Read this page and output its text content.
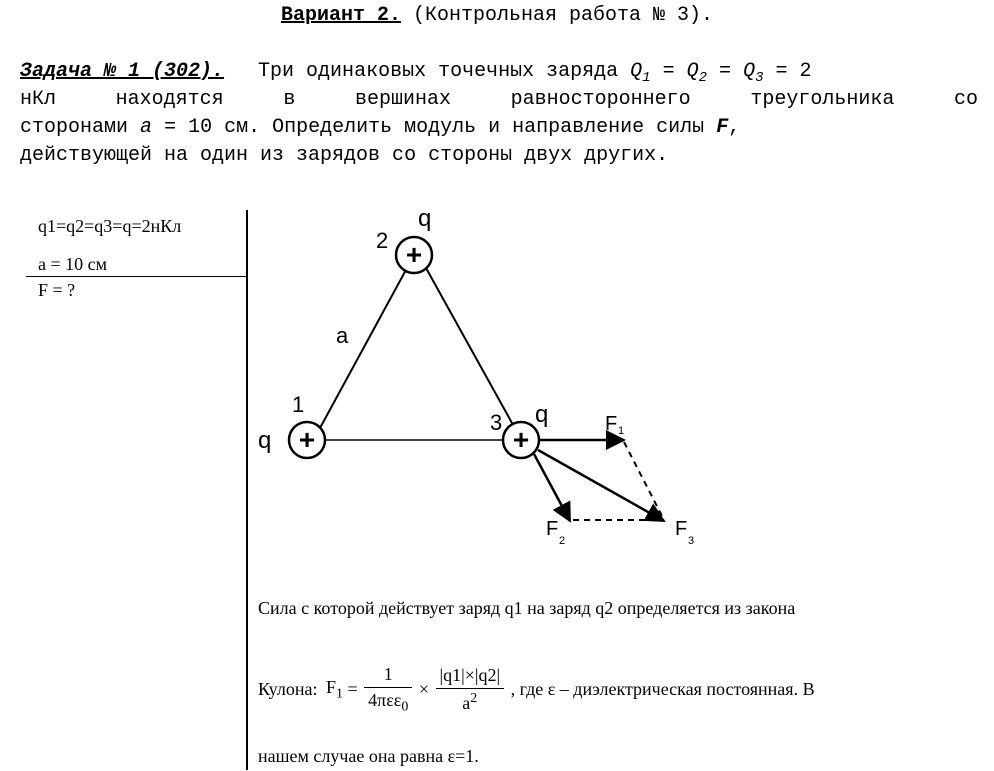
Вариант 2. (Контрольная работа № 3).
Задача № 1 (302). Три одинаковых точечных заряда $Q_1 = Q_2 = Q_3 = 2$
нКл	находятся	в	вершинах	равностороннего	треугольника	со
сторонами a = 10 см. Определить модуль и направление силы F,
действующей на один из зарядов со стороны двух других.
q1=q2=q3=q=2нКл
a = 10 см
F = ?
+
+
+
q
2
a
1
q
3 q	F 1
F
2
F
3
Сила с которой действует заряд q1 на заряд q2 определяется из закона
Кулона: $F_1 = \frac{1}{4\pi\varepsilon\varepsilon_0} \times \frac{|q1|\times|q2|}{a^2}$ , где ε – диэлектрическая постоянная. В
нашем случае она равна ε=1.
